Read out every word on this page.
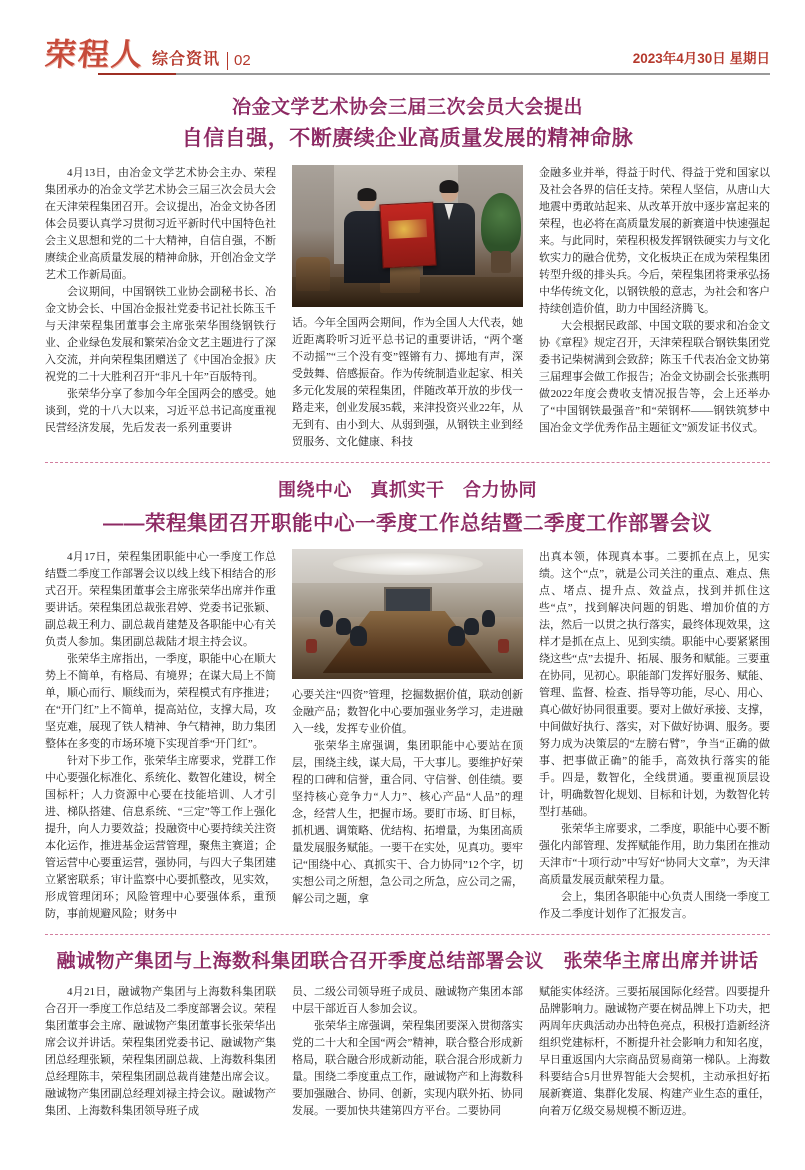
荣程人 综合资讯 02	2023年4月30日 星期日
冶金文学艺术协会三届三次会员大会提出
自信自强，不断赓续企业高质量发展的精神命脉

4月13日，由冶金文学艺术协会主办、荣程集团承办的冶金文学艺术协会三届三次会员大会在天津荣程集团召开。会议提出，冶金文协各团体会员要认真学习贯彻习近平新时代中国特色社会主义思想和党的二十大精神，自信自强，不断赓续企业高质量发展的精神命脉，开创冶金文学艺术工作新局面。

会议期间，中国钢铁工业协会副秘书长、冶金文协会长、中国冶金报社党委书记社长陈玉千与天津荣程集团董事会主席张荣华围绕钢铁行业、企业绿色发展和繁荣冶金文艺主题进行了深入交流，并向荣程集团赠送了《中国冶金报》庆祝党的二十大胜利召开“非凡十年”百版特刊。

张荣华分享了参加今年全国两会的感受。她谈到，党的十八大以来，习近平总书记高度重视民营经济发展，先后发表一系列重要讲

话。今年全国两会期间，作为全国人大代表，她近距离聆听习近平总书记的重要讲话，“两个毫不动摇”“三个没有变”铿锵有力、掷地有声，深受鼓舞、倍感振奋。作为传统制造业起家、相关多元化发展的荣程集团，伴随改革开放的步伐一路走来，创业发展35载，来津投资兴业22年，从无到有、由小到大、从弱到强，从钢铁主业到经贸服务、文化健康、科技

金融多业并举，得益于时代、得益于党和国家以及社会各界的信任支持。荣程人坚信，从唐山大地震中勇敢站起来、从改革开放中逐步富起来的荣程，也必将在高质量发展的新赛道中快速强起来。与此同时，荣程积极发挥钢铁硬实力与文化软实力的融合优势，文化板块正在成为荣程集团转型升级的排头兵。今后，荣程集团将秉承弘扬中华传统文化，以钢铁般的意志，为社会和客户持续创造价值，助力中国经济腾飞。

大会根据民政部、中国文联的要求和冶金文协《章程》规定召开，天津荣程联合钢铁集团党委书记柴树满到会致辞；陈玉千代表冶金文协第三届理事会做工作报告；冶金文协副会长张燕明做2022年度会费收支情况报告等，会上还举办了“中国钢铁最强音”和“荣钢杯——钢铁筑梦中国冶金文学优秀作品主题征文”颁发证书仪式。

围绕中心　真抓实干　合力协同
——荣程集团召开职能中心一季度工作总结暨二季度工作部署会议

4月17日，荣程集团职能中心一季度工作总结暨二季度工作部署会议以线上线下相结合的形式召开。荣程集团董事会主席张荣华出席并作重要讲话。荣程集团总裁张君婷、党委书记张颖、副总裁王利力、副总裁肖建楚及各职能中心有关负责人参加。集团副总裁陆才垠主持会议。

张荣华主席指出，一季度，职能中心在顺大势上不简单，有格局、有境界；在谋大局上不简单，顺心而行、顺线而为，荣程模式有序推进；在“开门红”上不简单，提高站位，支撑大局，攻坚克难，展现了铁人精神、争气精神，助力集团整体在多变的市场环境下实现首季“开门红”。

针对下步工作，张荣华主席要求，党群工作中心要强化标准化、系统化、数智化建设，树全国标杆；人力资源中心要在技能培训、人才引进、梯队搭建、信息系统、“三定”等工作上强化提升，向人力要效益；投融资中心要持续关注资本化运作，推进基金运营管理，聚焦主赛道；企管运营中心要重运营，强协同，与四大子集团建立紧密联系；审计监察中心要抓整改，见实效，形成管理闭环；风险管理中心要强体系，重预防，事前规避风险；财务中

心要关注“四资”管理，挖掘数据价值，联动创新金融产品；数智化中心要加强业务学习，走进融入一线，发挥专业价值。

张荣华主席强调，集团职能中心要站在顶层，围绕主线，谋大局，干大事儿。要维护好荣程的口碑和信誉，重合同、守信誉、创佳绩。要坚持核心竞争力“人力”、核心产品“人品”的理念，经营人生，把握市场。要盯市场、盯目标，抓机遇、调策略、优结构、拓增量，为集团高质量发展服务赋能。一要干在实处，见真功。要牢记“围绕中心、真抓实干、合力协同”12个字，切实想公司之所想，急公司之所急，应公司之需，解公司之题，拿

出真本领，体现真本事。二要抓在点上，见实绩。这个“点”，就是公司关注的重点、难点、焦点、堵点、提升点、效益点，找到并抓住这些“点”，找到解决问题的钥匙、增加价值的方法，然后一以贯之执行落实，最终体现效果，这样才是抓在点上、见到实绩。职能中心要紧紧围绕这些“点”去提升、拓展、服务和赋能。三要重在协同，见初心。职能部门发挥好服务、赋能、管理、监督、检查、指导等功能，尽心、用心、真心做好协同很重要。要对上做好承接、支撑，中间做好执行、落实，对下做好协调、服务。要努力成为决策层的“左膀右臂”，争当“正确的做事、把事做正确”的能手，高效执行落实的能手。四是，数智化，全线贯通。要重视顶层设计，明确数智化规划、目标和计划，为数智化转型打基础。

张荣华主席要求，二季度，职能中心要不断强化内部管理、发挥赋能作用，助力集团在推动天津市“十项行动”中写好“协同大文章”，为天津高质量发展贡献荣程力量。

会上，集团各职能中心负责人围绕一季度工作及二季度计划作了汇报发言。

融诚物产集团与上海数科集团联合召开季度总结部署会议　张荣华主席出席并讲话

4月21日，融诚物产集团与上海数科集团联合召开一季度工作总结及二季度部署会议。荣程集团董事会主席、融诚物产集团董事长张荣华出席会议并讲话。荣程集团党委书记、融诚物产集团总经理张颖，荣程集团副总裁、上海数科集团总经理陈丰，荣程集团副总裁肖建楚出席会议。融诚物产集团副总经理刘禄主持会议。融诚物产集团、上海数科集团领导班子成

员、二级公司领导班子成员、融诚物产集团本部中层干部近百人参加会议。

张荣华主席强调，荣程集团要深入贯彻落实党的二十大和全国“两会”精神，联合整合形成新格局，联合融合形成新动能，联合混合形成新力量。围绕二季度重点工作，融诚物产和上海数科要加强融合、协同、创新，实现内联外拓、协同发展。一要加快共建第四方平台。二要协同

赋能实体经济。三要拓展国际化经营。四要提升品牌影响力。融诚物产要在树品牌上下功夫，把两周年庆典活动办出特色亮点，积极打造新经济组织党建标杆，不断提升社会影响力和知名度，早日重返国内大宗商品贸易商第一梯队。上海数科要结合5月世界智能大会契机，主动承担好拓展新赛道、集群化发展、构建产业生态的重任，向着万亿级交易规模不断迈进。
